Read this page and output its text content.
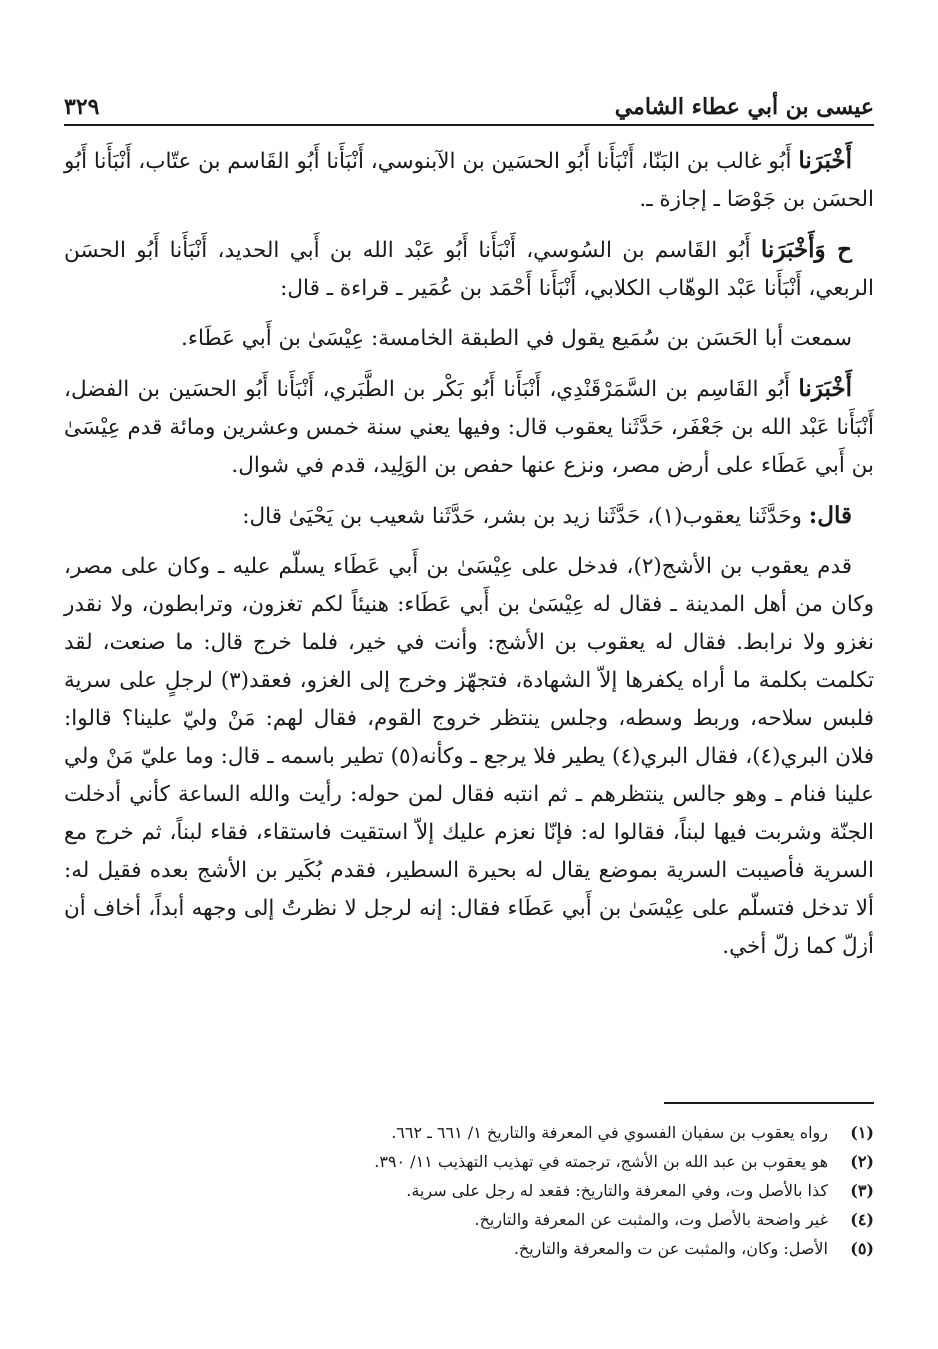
عيسى بن أبي عطاء الشامي
٣٢٩

أَخْبَرَنا أَبُو غالب بن البَنّا، أَنْبَأَنا أَبُو الحسَين بن الآبنوسي، أَنْبَأَنا أَبُو القَاسم بن عتّاب، أَنْبَأَنا أَبُو الحسَن بن جَوْصَا ـ إجازة ـ.

ح وَأَخْبَرَنا أَبُو القَاسم بن السُوسي، أَنْبَأَنا أَبُو عَبْد الله بن أَبي الحديد، أَنْبَأَنا أَبُو الحسَن الربعي، أَنْبَأَنا عَبْد الوهّاب الكلابي، أَنْبَأَنا أَحْمَد بن عُمَير ـ قراءة ـ قال:

سمعت أبا الحَسَن بن سُمَيع يقول في الطبقة الخامسة: عِيْسَىٰ بن أَبي عَطَاء.

أَخْبَرَنا أَبُو القَاسِم بن السَّمَرْقَنْدِي، أَنْبَأَنا أَبُو بَكْر بن الطَّبَري، أَنْبَأَنا أَبُو الحسَين بن الفضل، أَنْبَأَنا عَبْد الله بن جَعْفَر، حَدَّثَنا يعقوب قال: وفيها يعني سنة خمس وعشرين ومائة قدم عِيْسَىٰ بن أَبي عَطَاء على أرض مصر، ونزع عنها حفص بن الوَلِيد، قدم في شوال.

قال: وحَدَّثَنا يعقوب(١)، حَدَّثَنا زيد بن بشر، حَدَّثَنا شعيب بن يَحْيَىٰ قال:

قدم يعقوب بن الأشج(٢)، فدخل على عِيْسَىٰ بن أَبي عَطَاء يسلّم عليه ـ وكان على مصر، وكان من أهل المدينة ـ فقال له عِيْسَىٰ بن أَبي عَطَاء: هنيئاً لكم تغزون، وترابطون، ولا نقدر نغزو ولا نرابط. فقال له يعقوب بن الأشج: وأنت في خير، فلما خرج قال: ما صنعت، لقد تكلمت بكلمة ما أراه يكفرها إلاّ الشهادة، فتجهّز وخرج إلى الغزو، فعقد(٣) لرجلٍ على سرية فلبس سلاحه، وربط وسطه، وجلس ينتظر خروج القوم، فقال لهم: مَنْ وليّ علينا؟ قالوا: فلان البري(٤)، فقال البري(٤) يطير فلا يرجع ـ وكأنه(٥) تطير باسمه ـ قال: وما عليّ مَنْ ولي علينا فنام ـ وهو جالس ينتظرهم ـ ثم انتبه فقال لمن حوله: رأيت والله الساعة كأني أدخلت الجنّة وشربت فيها لبناً، فقالوا له: فإنّا نعزم عليك إلاّ استقيت فاستقاء، فقاء لبناً، ثم خرج مع السرية فأصيبت السرية بموضع يقال له بحيرة السطير، فقدم بُكَير بن الأشج بعده فقيل له: ألا تدخل فتسلّم على عِيْسَىٰ بن أَبي عَطَاء فقال: إنه لرجل لا نظرتُ إلى وجهه أبداً، أخاف أن أزلّ كما زلّ أخي.

(١)
رواه يعقوب بن سفيان الفسوي في المعرفة والتاريخ ١/ ٦٦١ ـ ٦٦٢.
(٢)
هو يعقوب بن عبد الله بن الأشج، ترجمته في تهذيب التهذيب ١١/ ٣٩٠.
(٣)
كذا بالأصل وت، وفي المعرفة والتاريخ: فقعد له رجل على سرية.
(٤)
غير واضحة بالأصل وت، والمثبت عن المعرفة والتاريخ.
(٥)
الأصل: وكان، والمثبت عن ت والمعرفة والتاريخ.
